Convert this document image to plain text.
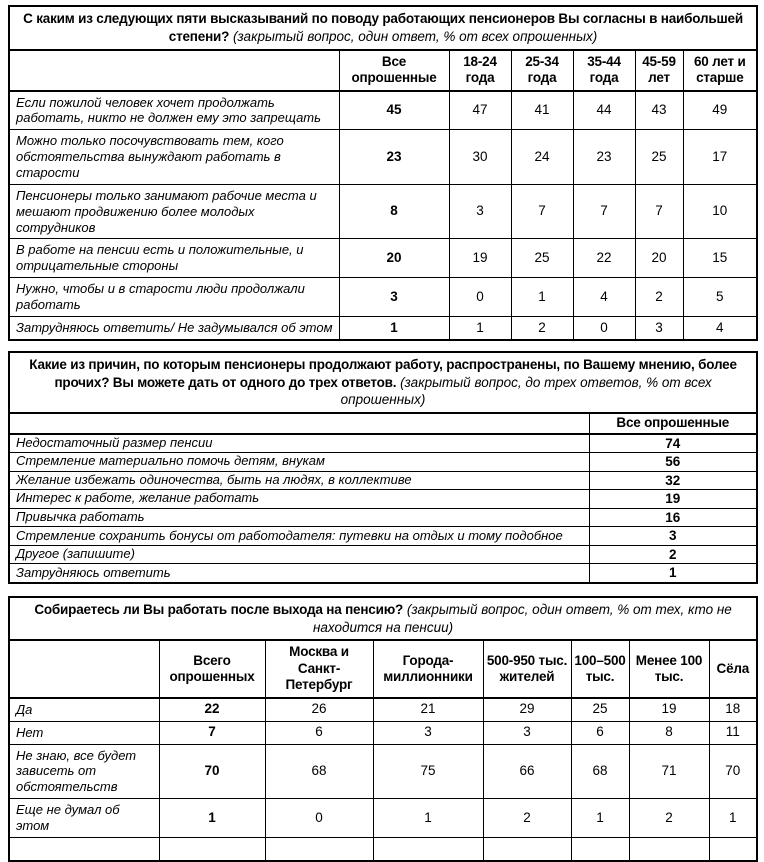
С каким из следующих пяти высказываний по поводу работающих пенсионеров Вы согласны в наибольшей степени? (закрытый вопрос, один ответ, % от всех опрошенных)						
	Все опрошенные	18-24 года	25-34 года	35-44 года	45-59 лет	60 лет и старше
Если пожилой человек хочет продолжать работать, никто не должен ему это запрещать	45	47	41	44	43	49
Можно только посочувствовать тем, кого обстоятельства вынуждают работать в старости	23	30	24	23	25	17
Пенсионеры только занимают рабочие места и мешают продвижению более молодых сотрудников	8	3	7	7	7	10
В работе на пенсии есть и положительные, и отрицательные стороны	20	19	25	22	20	15
Нужно, чтобы и в старости люди продолжали работать	3	0	1	4	2	5
Затрудняюсь ответить/ Не задумывался об этом	1	1	2	0	3	4
Какие из причин, по которым пенсионеры продолжают работу, распространены, по Вашему мнению, более прочих? Вы можете дать от одного до трех ответов. (закрытый вопрос, до трех ответов, % от всех опрошенных)	
	Все опрошенные
Недостаточный размер пенсии	74
Стремление материально помочь детям, внукам	56
Желание избежать одиночества, быть на людях, в коллективе	32
Интерес к работе, желание работать	19
Привычка работать	16
Стремление сохранить бонусы от работодателя: путевки на отдых и тому подобное	3
Другое (запишите)	2
Затрудняюсь ответить	1
Собираетесь ли Вы работать после выхода на пенсию? (закрытый вопрос, один ответ, % от тех, кто не находится на пенсии)							
	Всего опрошенных	Москва и Санкт-Петербург	Города-миллионники	500-950 тыс. жителей	100–500 тыс.	Менее 100 тыс.	Сёла
Да	22	26	21	29	25	19	18
Нет	7	6	3	3	6	8	11
Не знаю, все будет зависеть от обстоятельств	70	68	75	66	68	71	70
Еще не думал об этом	1	0	1	2	1	2	1
